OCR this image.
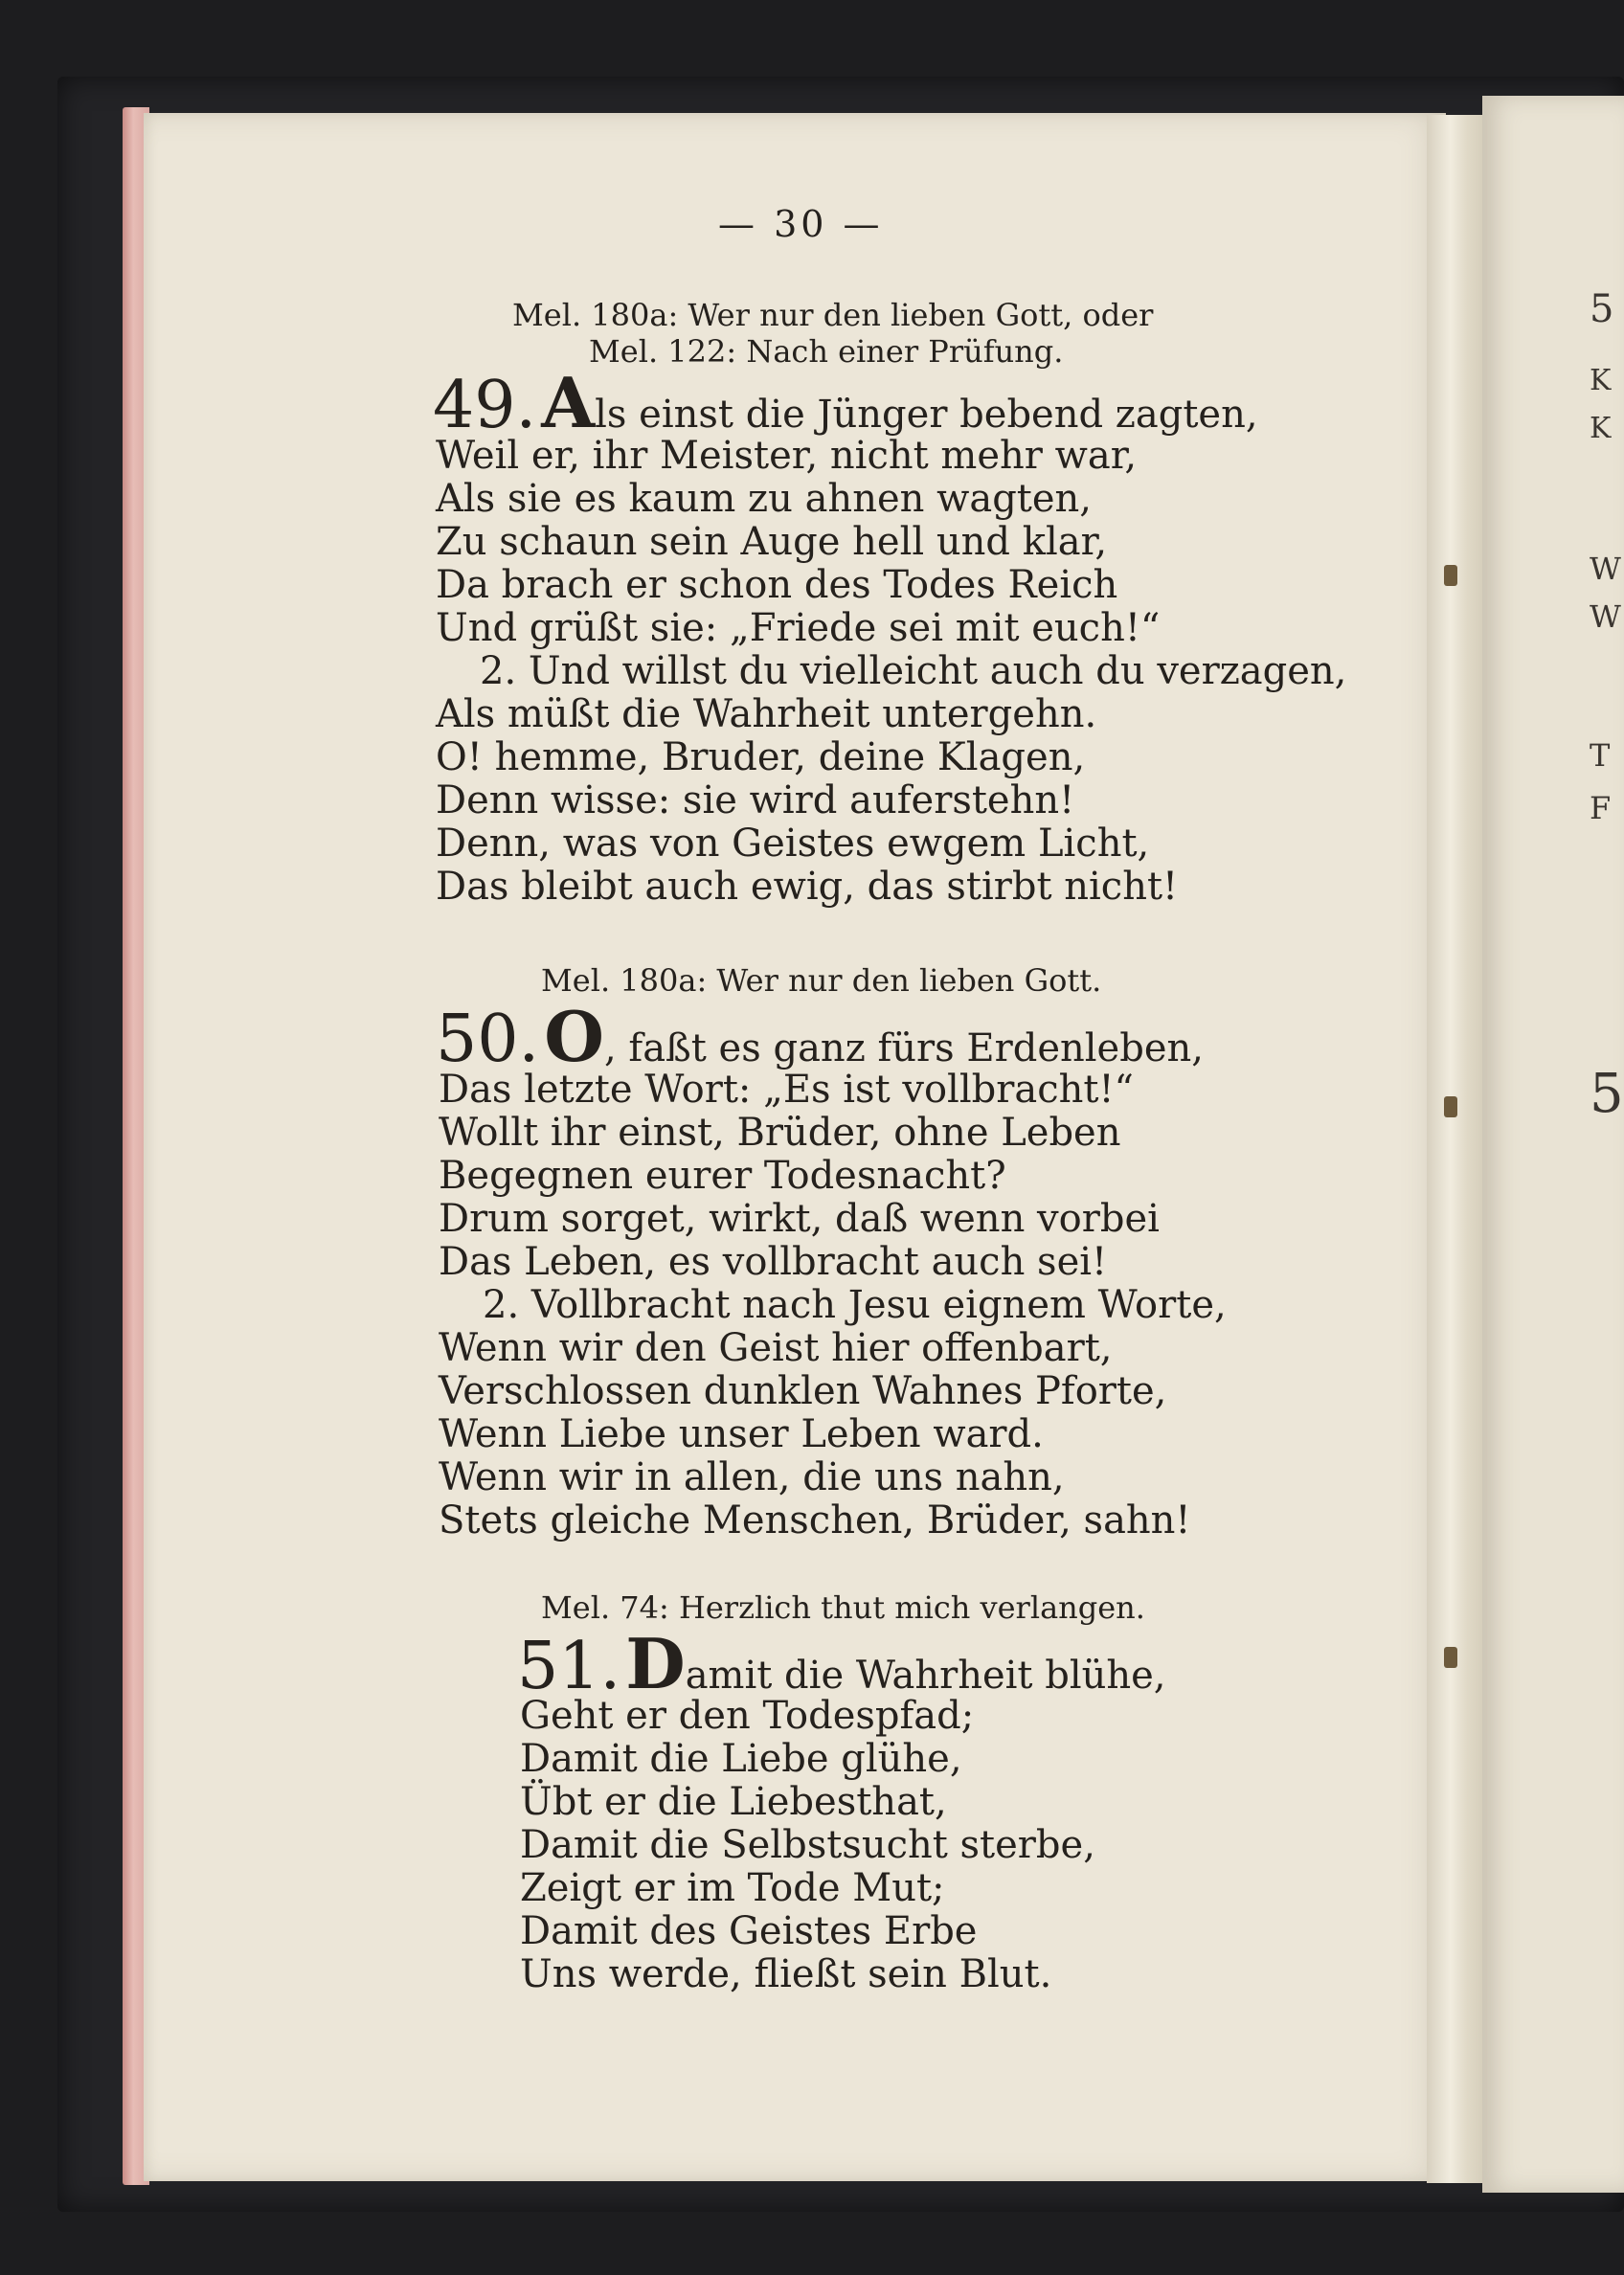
5
K
K
W
W
T
F
5
— 30 —
Mel. 180a: Wer nur den lieben Gott, oder
Mel. 122: Nach einer Prüfung.
49. Als einst die Jünger bebend zagten,
Weil er, ihr Meister, nicht mehr war,
Als sie es kaum zu ahnen wagten,
Zu schaun sein Auge hell und klar,
Da brach er schon des Todes Reich
Und grüßt sie: „Friede sei mit euch!“
2. Und willst du vielleicht auch du verzagen,
Als müßt die Wahrheit untergehn.
O! hemme, Bruder, deine Klagen,
Denn wisse: sie wird auferstehn!
Denn, was von Geistes ewgem Licht,
Das bleibt auch ewig, das stirbt nicht!
Mel. 180a: Wer nur den lieben Gott.
50. O, faßt es ganz fürs Erdenleben,
Das letzte Wort: „Es ist vollbracht!“
Wollt ihr einst, Brüder, ohne Leben
Begegnen eurer Todesnacht?
Drum sorget, wirkt, daß wenn vorbei
Das Leben, es vollbracht auch sei!
2. Vollbracht nach Jesu eignem Worte,
Wenn wir den Geist hier offenbart,
Verschlossen dunklen Wahnes Pforte,
Wenn Liebe unser Leben ward.
Wenn wir in allen, die uns nahn,
Stets gleiche Menschen, Brüder, sahn!
Mel. 74: Herzlich thut mich verlangen.
51. Damit die Wahrheit blühe,
Geht er den Todespfad;
Damit die Liebe glühe,
Übt er die Liebesthat,
Damit die Selbstsucht sterbe,
Zeigt er im Tode Mut;
Damit des Geistes Erbe
Uns werde, fließt sein Blut.
